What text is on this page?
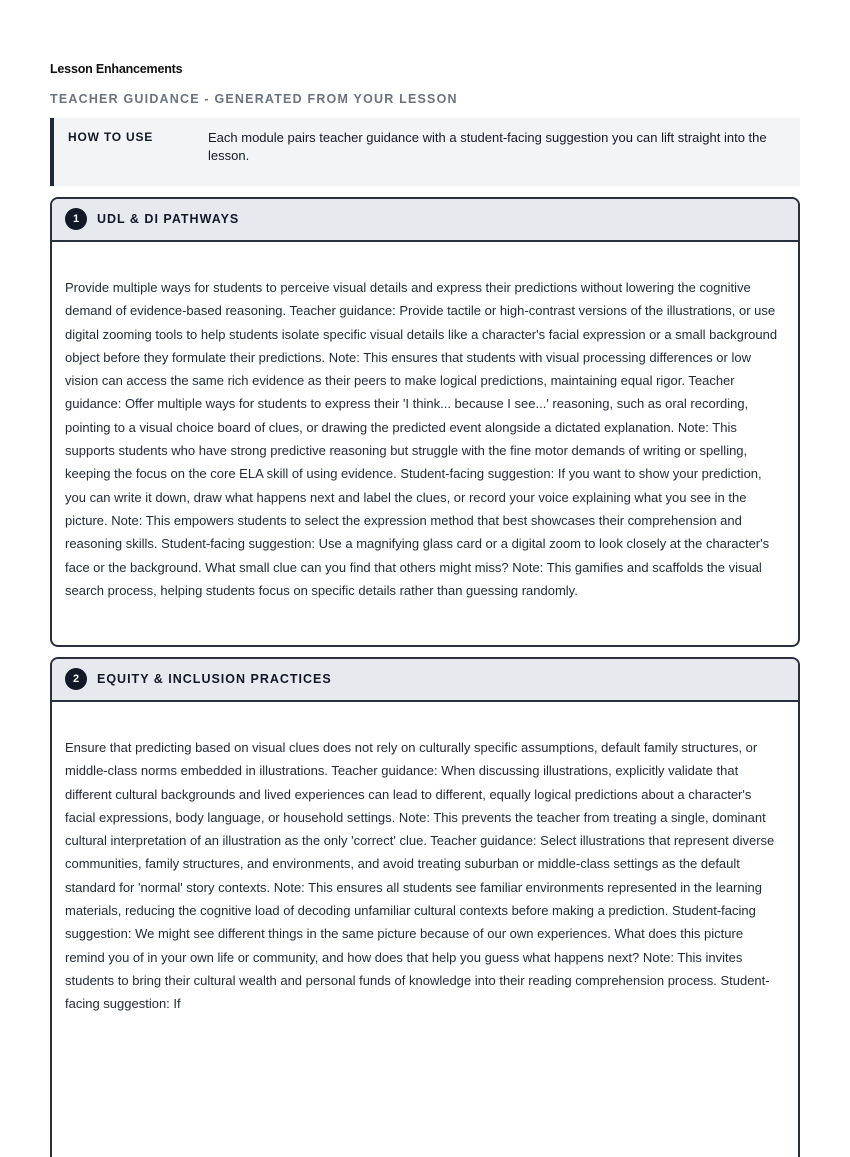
Lesson Enhancements
TEACHER GUIDANCE - GENERATED FROM YOUR LESSON
HOW TO USE	Each module pairs teacher guidance with a student-facing suggestion you can lift straight into the lesson.
1	UDL & DI PATHWAYS
Provide multiple ways for students to perceive visual details and express their predictions without lowering the cognitive demand of evidence-based reasoning. Teacher guidance: Provide tactile or high-contrast versions of the illustrations, or use digital zooming tools to help students isolate specific visual details like a character's facial expression or a small background object before they formulate their predictions. Note: This ensures that students with visual processing differences or low vision can access the same rich evidence as their peers to make logical predictions, maintaining equal rigor. Teacher guidance: Offer multiple ways for students to express their 'I think... because I see...' reasoning, such as oral recording, pointing to a visual choice board of clues, or drawing the predicted event alongside a dictated explanation. Note: This supports students who have strong predictive reasoning but struggle with the fine motor demands of writing or spelling, keeping the focus on the core ELA skill of using evidence. Student-facing suggestion: If you want to show your prediction, you can write it down, draw what happens next and label the clues, or record your voice explaining what you see in the picture. Note: This empowers students to select the expression method that best showcases their comprehension and reasoning skills. Student-facing suggestion: Use a magnifying glass card or a digital zoom to look closely at the character's face or the background. What small clue can you find that others might miss? Note: This gamifies and scaffolds the visual search process, helping students focus on specific details rather than guessing randomly.
2	EQUITY & INCLUSION PRACTICES
Ensure that predicting based on visual clues does not rely on culturally specific assumptions, default family structures, or middle-class norms embedded in illustrations. Teacher guidance: When discussing illustrations, explicitly validate that different cultural backgrounds and lived experiences can lead to different, equally logical predictions about a character's facial expressions, body language, or household settings. Note: This prevents the teacher from treating a single, dominant cultural interpretation of an illustration as the only 'correct' clue. Teacher guidance: Select illustrations that represent diverse communities, family structures, and environments, and avoid treating suburban or middle-class settings as the default standard for 'normal' story contexts. Note: This ensures all students see familiar environments represented in the learning materials, reducing the cognitive load of decoding unfamiliar cultural contexts before making a prediction. Student-facing suggestion: We might see different things in the same picture because of our own experiences. What does this picture remind you of in your own life or community, and how does that help you guess what happens next? Note: This invites students to bring their cultural wealth and personal funds of knowledge into their reading comprehension process. Student-facing suggestion: If
